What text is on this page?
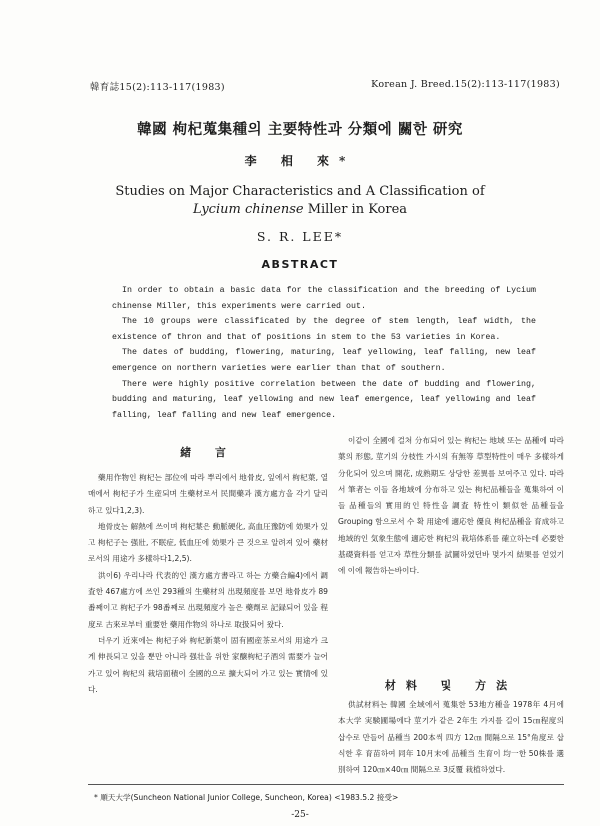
韓育誌15(2):113-117(1983)	Korean J. Breed.15(2):113-117(1983)
韓國 枸杞蒐集種의 主要特性과 分類에 關한 研究
李 相 來*
Studies on Major Characteristics and A Classification of
Lycium chinense Miller in Korea
S. R. LEE*
ABSTRACT

In order to obtain a basic data for the classification and the breeding of Lycium chinense Miller, this experiments were carried out.

The 10 groups were classificated by the degree of stem length, leaf width, the existence of thron and that of positions in stem to the 53 varieties in Korea.

The dates of budding, flowering, maturing, leaf yellowing, leaf falling, new leaf emergence on northern varieties were earlier than that of southern.

There were highly positive correlation between the date of budding and flowering, budding and maturing, leaf yellowing and new leaf emergence, leaf yellowing and leaf falling, leaf falling and new leaf emergence.

緒 言

藥用作物인 枸杞는 部位에 따라 뿌리에서 地骨皮, 잎에서 枸杞葉, 열매에서 枸杞子가 生産되며 生藥材로서 民間藥과 漢方處方을 각기 달리하고 있다1,2,3).

地骨皮는 解熱에 쓰이며 枸杞葉은 動脈硬化, 高血圧豫防에 効果가 있고 枸杞子는 强壯, 不眠症, 低血圧에 効果가 큰 것으로 알려져 있어 藥材로서의 用途가 多樣하다1,2,5).

洪이6) 우리나라 代表的인 漢方處方書라고 하는 方藥合編4)에서 調査한 467處方에 쓰인 293種의 生藥材의 出現頻度를 보면 地骨皮가 89番째이고 枸杞子가 98番째로 出現頻度가 높은 藥劑로 記録되어 있을 程度로 古來로부터 重要한 藥用作物의 하나로 取扱되어 왔다.

더우기 近來에는 枸杞子와 枸杞新葉이 固有國産茶로서의 用途가 크게 伸長되고 있을 뿐만 아니라 强壮을 위한 家醸枸杞子酒의 需要가 늘어가고 있어 枸杞의 栽培面積이 全國的으로 擴大되어 가고 있는 實情에 있다.

이같이 全國에 걸쳐 分布되어 있는 枸杞는 地域 또는 品種에 따라 葉의 形態, 莖기의 分枝性 가시의 有無等 草型特性이 매우 多樣하게 分化되어 있으며 開花, 成熟期도 상당한 差異를 보여주고 있다. 따라서 筆者는 이들 各地域에 分布하고 있는 枸杞品種들을 蒐集하여 이들 品種들의 實用的인 特性을 調査 特性이 類似한 品種들을 Grouping 함으로서 수 확 用途에 適応한 優良 枸杞品種을 育成하고 地域的인 気象生態에 適応한 枸杞의 栽培体系를 確立하는데 必要한 基礎資料를 얻고자 草性分類를 試圖하였던바 몇가지 結果를 얻었기에 이에 報告하는바이다.

材料 및 方法

供試材料는 韓國 全域에서 蒐集한 53地方種을 1978年 4月에 本大学 実験圃場에다 莖기가 같은 2年生 가지를 길이 15㎝程度의 삽수로 만들어 品種当 200本씩 四方 12㎝ 間隔으로 15°角度로 삽식한 후 育苗하여 同年 10月末에 品種当 生育이 均一한 50株를 選別하여 120㎝×40㎝ 間隔으로 3反覆 栽植하였다.

* 順天大学(Suncheon National Junior College, Suncheon, Korea) <1983.5.2 接受>
-25-
